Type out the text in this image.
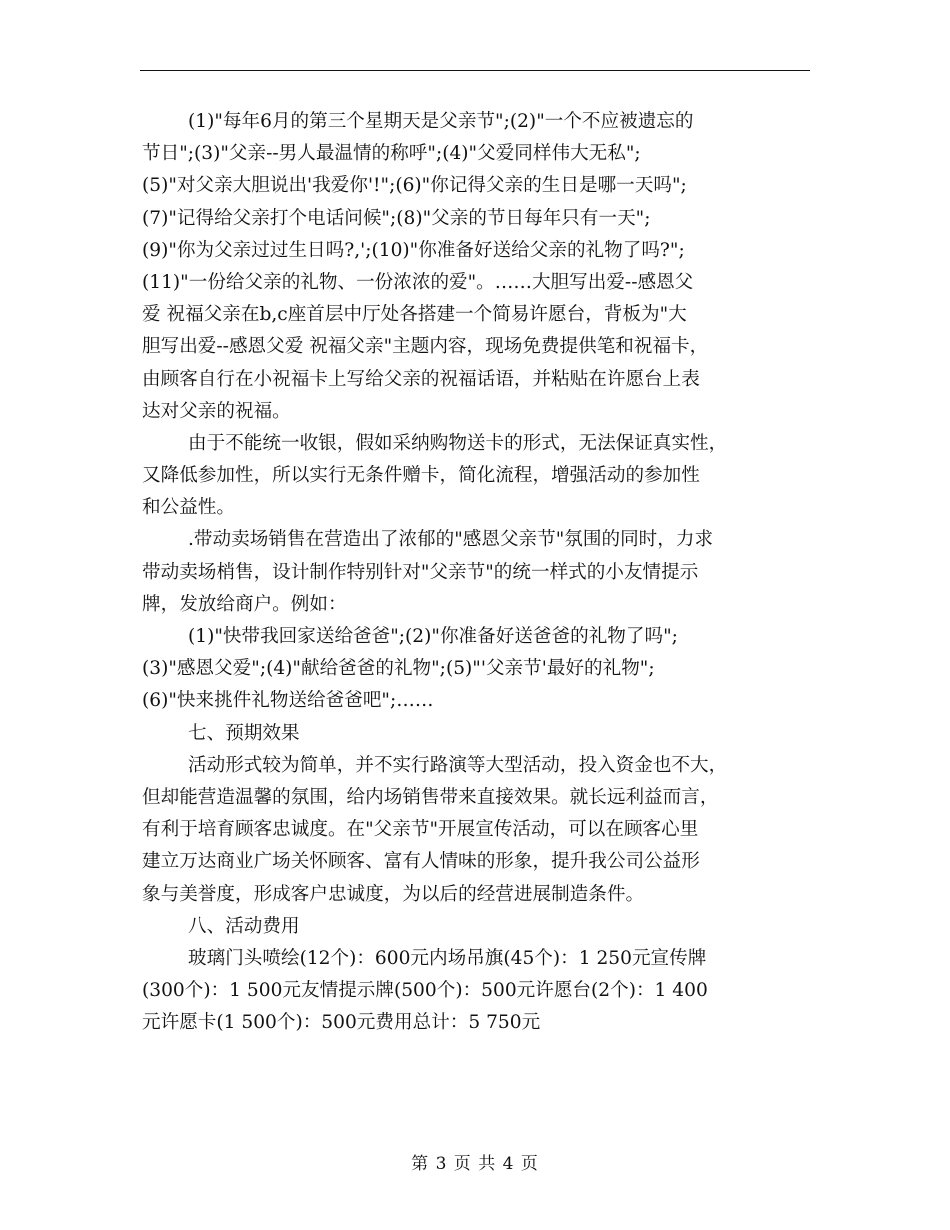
(1)"每年6月的第三个星期天是父亲节";(2)"一个不应被遗忘的
节日";(3)"父亲--男人最温情的称呼";(4)"父爱同样伟大无私";
(5)"对父亲大胆说出'我爱你'!";(6)"你记得父亲的生日是哪一天吗";
(7)"记得给父亲打个电话问候";(8)"父亲的节日每年只有一天";
(9)"你为父亲过过生日吗?,';(10)"你准备好送给父亲的礼物了吗?";
(11)"一份给父亲的礼物、一份浓浓的爱"。……大胆写出爱--感恩父
爱 祝福父亲在b,c座首层中厅处各搭建一个简易许愿台，背板为"大
胆写出爱--感恩父爱 祝福父亲"主题内容，现场免费提供笔和祝福卡，
由顾客自行在小祝福卡上写给父亲的祝福话语，并粘贴在许愿台上表
达对父亲的祝福。
由于不能统一收银，假如采纳购物送卡的形式，无法保证真实性，
又降低参加性，所以实行无条件赠卡，简化流程，增强活动的参加性
和公益性。
.带动卖场销售在营造出了浓郁的"感恩父亲节"氛围的同时，力求
带动卖场梢售，设计制作特别针对"父亲节"的统一样式的小友情提示
牌，发放给商户。例如：
(1)"快带我回家送给爸爸";(2)"你准备好送爸爸的礼物了吗";
(3)"感恩父爱";(4)"献给爸爸的礼物";(5)"'父亲节'最好的礼物";
(6)"快来挑件礼物送给爸爸吧";……
七、预期效果
活动形式较为简单，并不实行路演等大型活动，投入资金也不大，
但却能营造温馨的氛围，给内场销售带来直接效果。就长远利益而言，
有利于培育顾客忠诚度。在"父亲节"开展宣传活动，可以在顾客心里
建立万达商业广场关怀顾客、富有人情味的形象，提升我公司公益形
象与美誉度，形成客户忠诚度，为以后的经营进展制造条件。
八、活动费用
玻璃门头喷绘(12个)：600元内场吊旗(45个)：1 250元宣传牌
(300个)：1 500元友情提示牌(500个)：500元许愿台(2个)：1 400
元许愿卡(1 500个)：500元费用总计：5 750元
第 3 页 共 4 页
